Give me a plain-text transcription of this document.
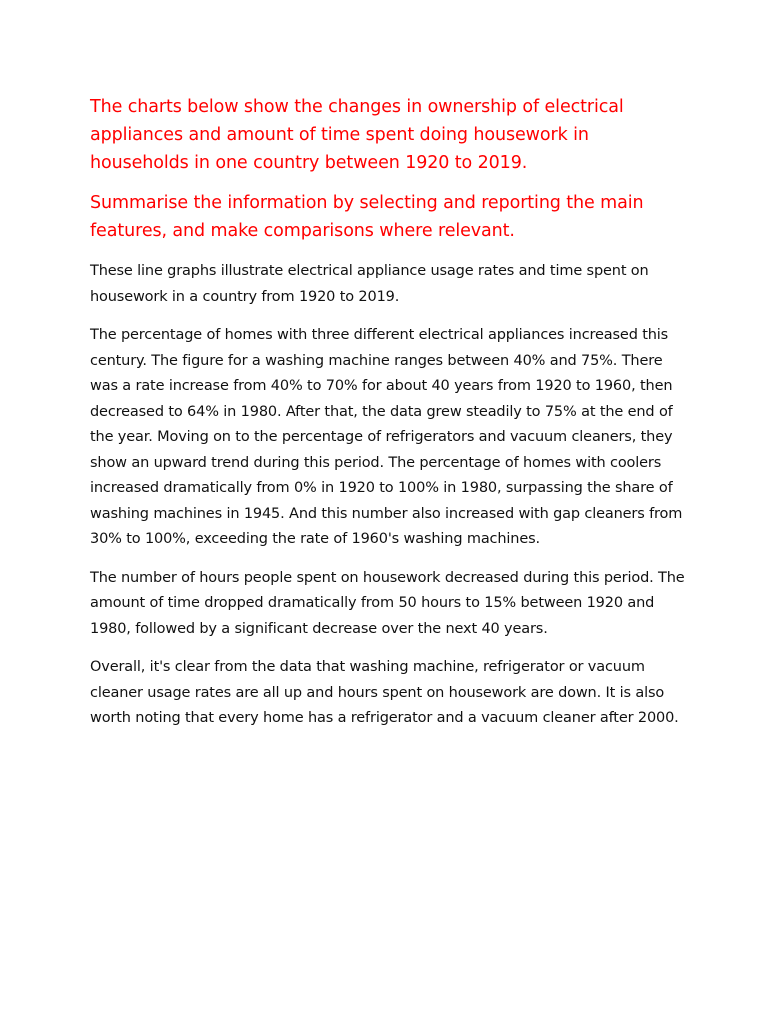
The charts below show the changes in ownership of electrical appliances and amount of time spent doing housework in households in one country between 1920 to 2019.

Summarise the information by selecting and reporting the main features, and make comparisons where relevant.

These line graphs illustrate electrical appliance usage rates and time spent on housework in a country from 1920 to 2019.

The percentage of homes with three different electrical appliances increased this century. The figure for a washing machine ranges between 40% and 75%. There was a rate increase from 40% to 70% for about 40 years from 1920 to 1960, then decreased to 64% in 1980. After that, the data grew steadily to 75% at the end of the year. Moving on to the percentage of refrigerators and vacuum cleaners, they show an upward trend during this period. The percentage of homes with coolers increased dramatically from 0% in 1920 to 100% in 1980, surpassing the share of washing machines in 1945. And this number also increased with gap cleaners from 30% to 100%, exceeding the rate of 1960's washing machines.

The number of hours people spent on housework decreased during this period. The amount of time dropped dramatically from 50 hours to 15% between 1920 and 1980, followed by a significant decrease over the next 40 years.

Overall, it's clear from the data that washing machine, refrigerator or vacuum cleaner usage rates are all up and hours spent on housework are down. It is also worth noting that every home has a refrigerator and a vacuum cleaner after 2000.
